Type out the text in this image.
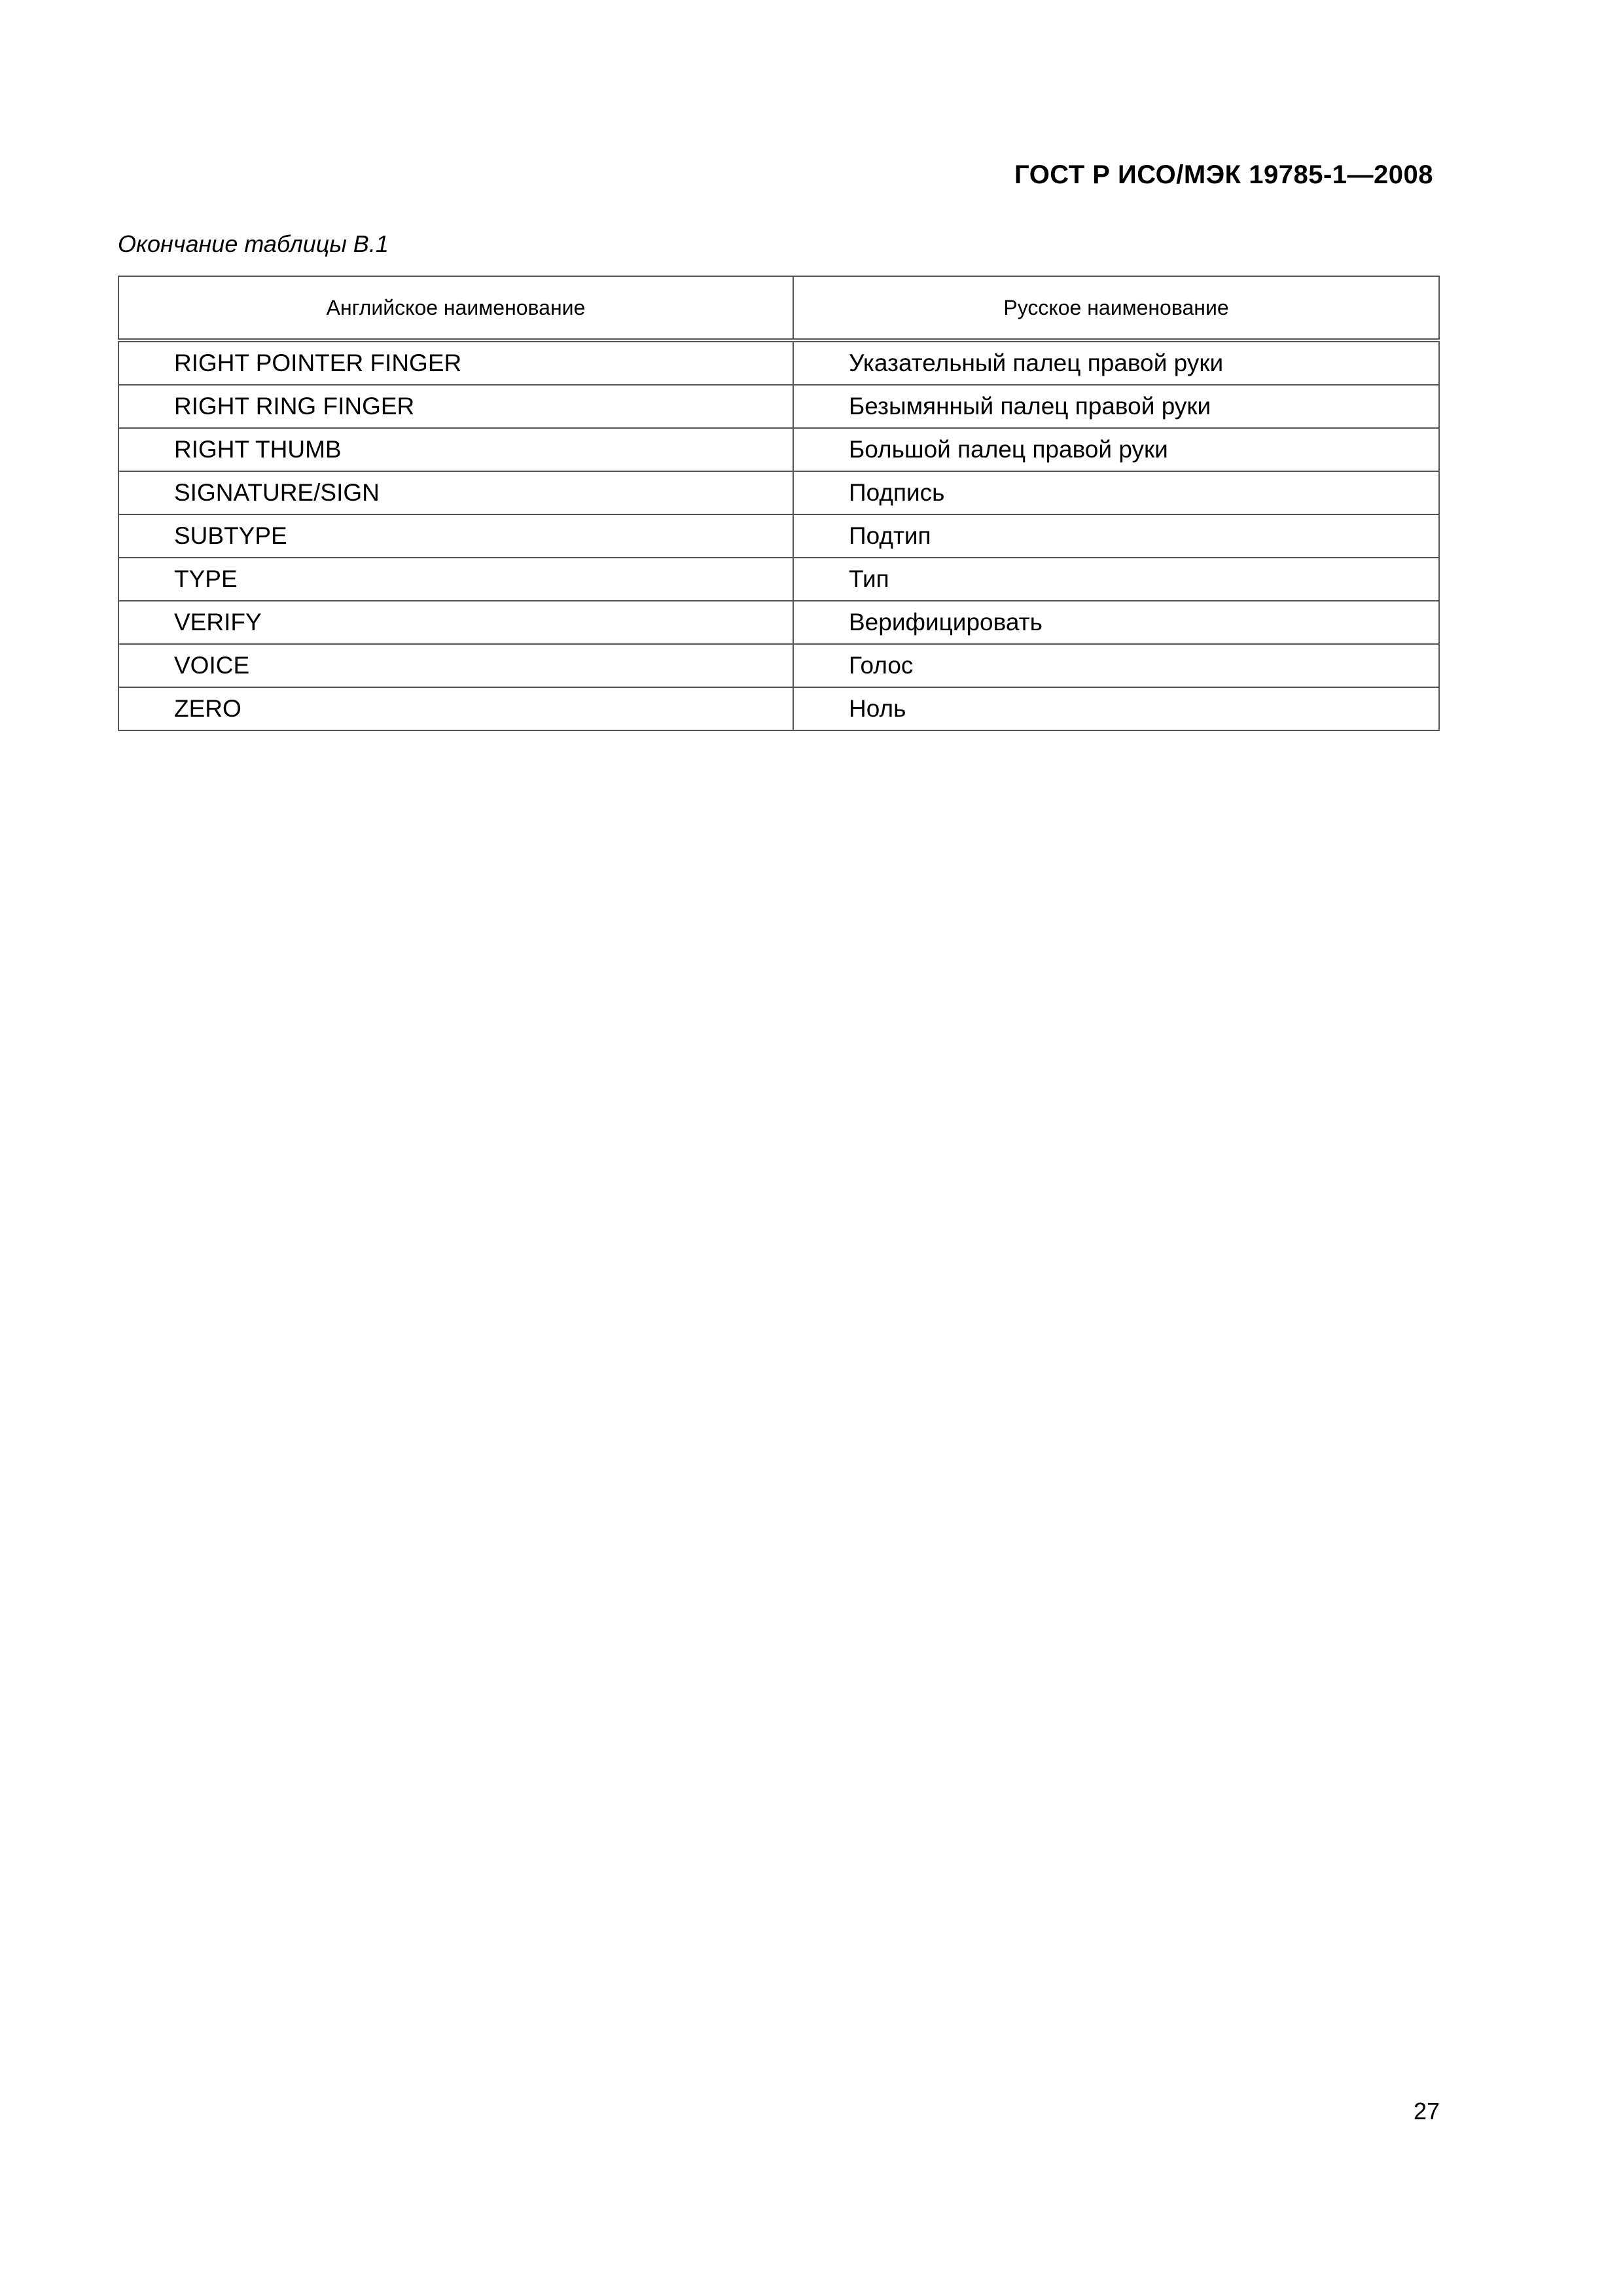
ГОСТ Р ИСО/МЭК 19785-1—2008
Окончание таблицы В.1
Английское наименование	Русское наименование
RIGHT POINTER FINGER	Указательный палец правой руки
RIGHT RING FINGER	Безымянный палец правой руки
RIGHT THUMB	Большой палец правой руки
SIGNATURE/SIGN	Подпись
SUBTYPE	Подтип
TYPE	Тип
VERIFY	Верифицировать
VOICE	Голос
ZERO	Ноль
27
